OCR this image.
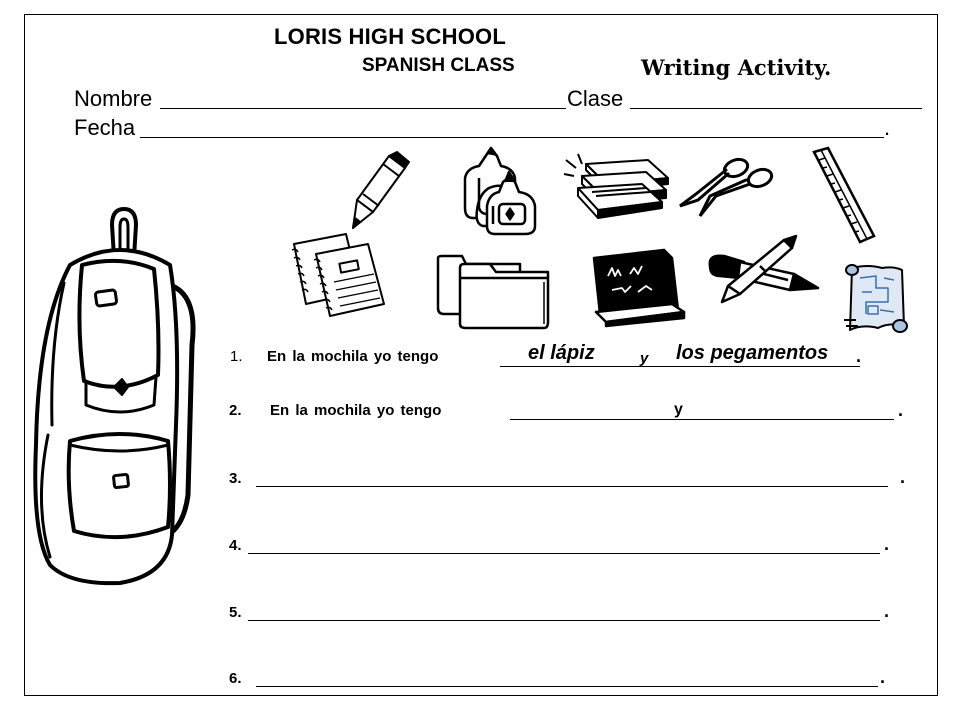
LORIS HIGH SCHOOL
SPANISH CLASS	Writing Activity.
Nombre	Clase
Fecha	.
1. En la mochila yo tengo	el lápiz	y los pegamentos .
2. En la mochila yo tengo	y	.
3.	.
4.	.
5.	.
6.	.
